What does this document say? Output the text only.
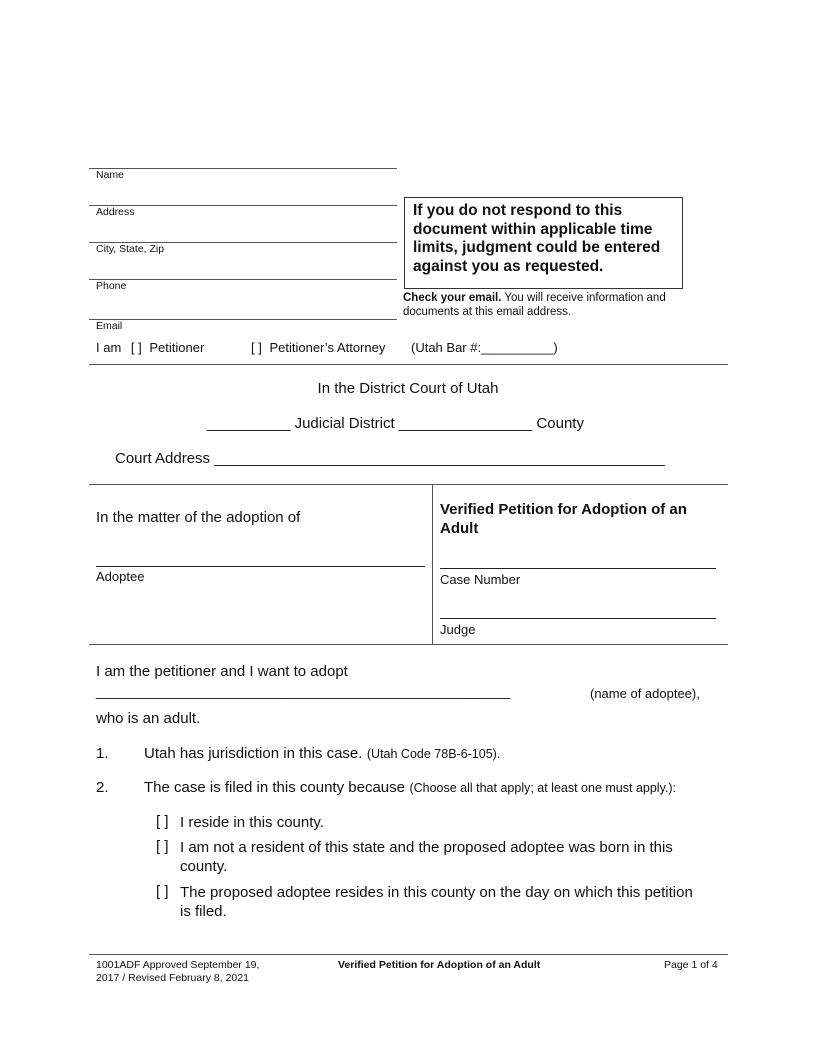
Name
Address
City, State, Zip
Phone
Email
If you do not respond to this document within applicable time limits, judgment could be entered against you as requested.
Check your email. You will receive information and documents at this email address.
I am [ ] Petitioner	[ ] Petitioner’s Attorney (Utah Bar #:__________)
In the District Court of Utah
__________ Judicial District ________________ County
Court Address ______________________________________________________
In the matter of the adoption of
Adoptee
Verified Petition for Adoption of an Adult
Case Number
Judge
I am the petitioner and I want to adopt
______________________________________________________	(name of adoptee),
who is an adult.
1. Utah has jurisdiction in this case. (Utah Code 78B-6-105).
2. The case is filed in this county because (Choose all that apply; at least one must apply.):
[ ] I reside in this county.
[ ] I am not a resident of this state and the proposed adoptee was born in this county.
[ ] The proposed adoptee resides in this county on the day on which this petition is filed.
1001ADF Approved September 19, 2017 / Revised February 8, 2021
Verified Petition for Adoption of an Adult	Page 1 of 4
